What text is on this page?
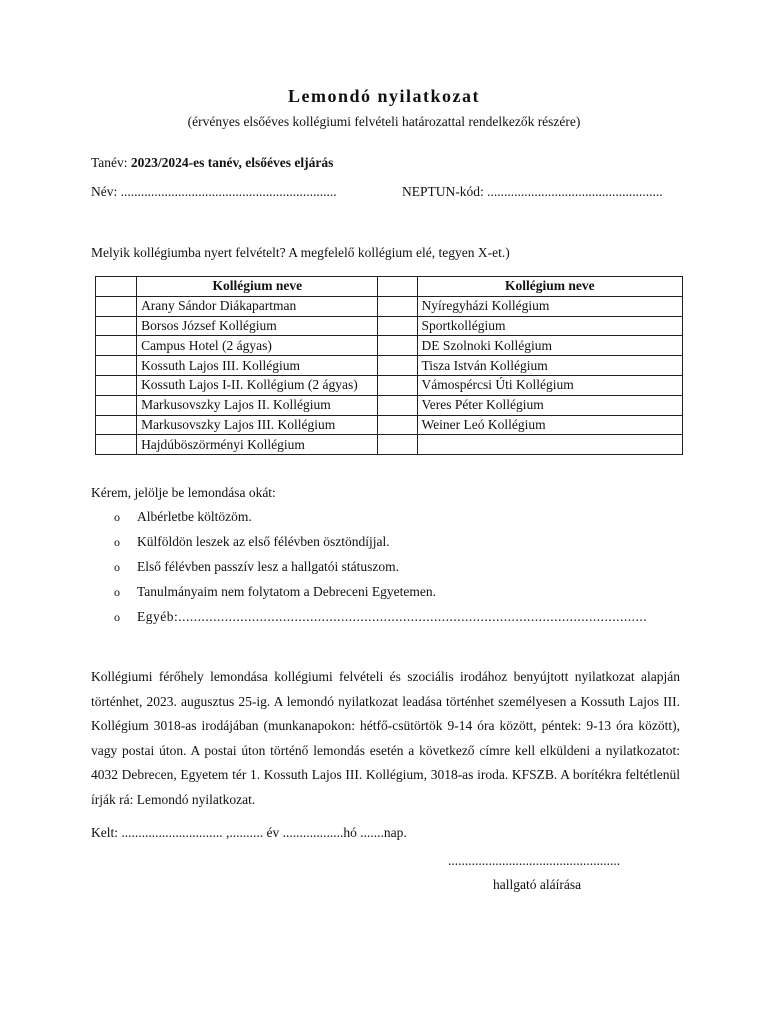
Lemondó nyilatkozat
(érvényes elsőéves kollégiumi felvételi határozattal rendelkezők részére)
Tanév: 2023/2024-es tanév, elsőéves eljárás
Név: ................................................................	NEPTUN-kód: ....................................................
Melyik kollégiumba nyert felvételt? A megfelelő kollégium elé, tegyen X-et.)
	Kollégium neve		Kollégium neve
	Arany Sándor Diákapartman		Nyíregyházi Kollégium
	Borsos József Kollégium		Sportkollégium
	Campus Hotel (2 ágyas)		DE Szolnoki Kollégium
	Kossuth Lajos III. Kollégium		Tisza István Kollégium
	Kossuth Lajos I-II. Kollégium (2 ágyas)		Vámospércsi Úti Kollégium
	Markusovszky Lajos II. Kollégium		Veres Péter Kollégium
	Markusovszky Lajos III. Kollégium		Weiner Leó Kollégium
	Hajdúböszörményi Kollégium		
Kérem, jelölje be lemondása okát:
o Albérletbe költözöm.
o Külföldön leszek az első félévben ösztöndíjjal.
o Első félévben passzív lesz a hallgatói státuszom.
o Tanulmányaim nem folytatom a Debreceni Egyetemen.
o Egyéb:.........................................................................................................................
Kollégiumi férőhely lemondása kollégiumi felvételi és szociális irodához benyújtott nyilatkozat alapján történhet, 2023. augusztus 25-ig. A lemondó nyilatkozat leadása történhet személyesen a Kossuth Lajos III. Kollégium 3018-as irodájában (munkanapokon: hétfő-csütörtök 9-14 óra között, péntek: 9-13 óra között), vagy postai úton. A postai úton történő lemondás esetén a következő címre kell elküldeni a nyilatkozatot: 4032 Debrecen, Egyetem tér 1. Kossuth Lajos III. Kollégium, 3018-as iroda. KFSZB. A borítékra feltétlenül írják rá: Lemondó nyilatkozat.
Kelt: .............................. ,.......... év ..................hó .......nap.
...................................................
hallgató aláírása
